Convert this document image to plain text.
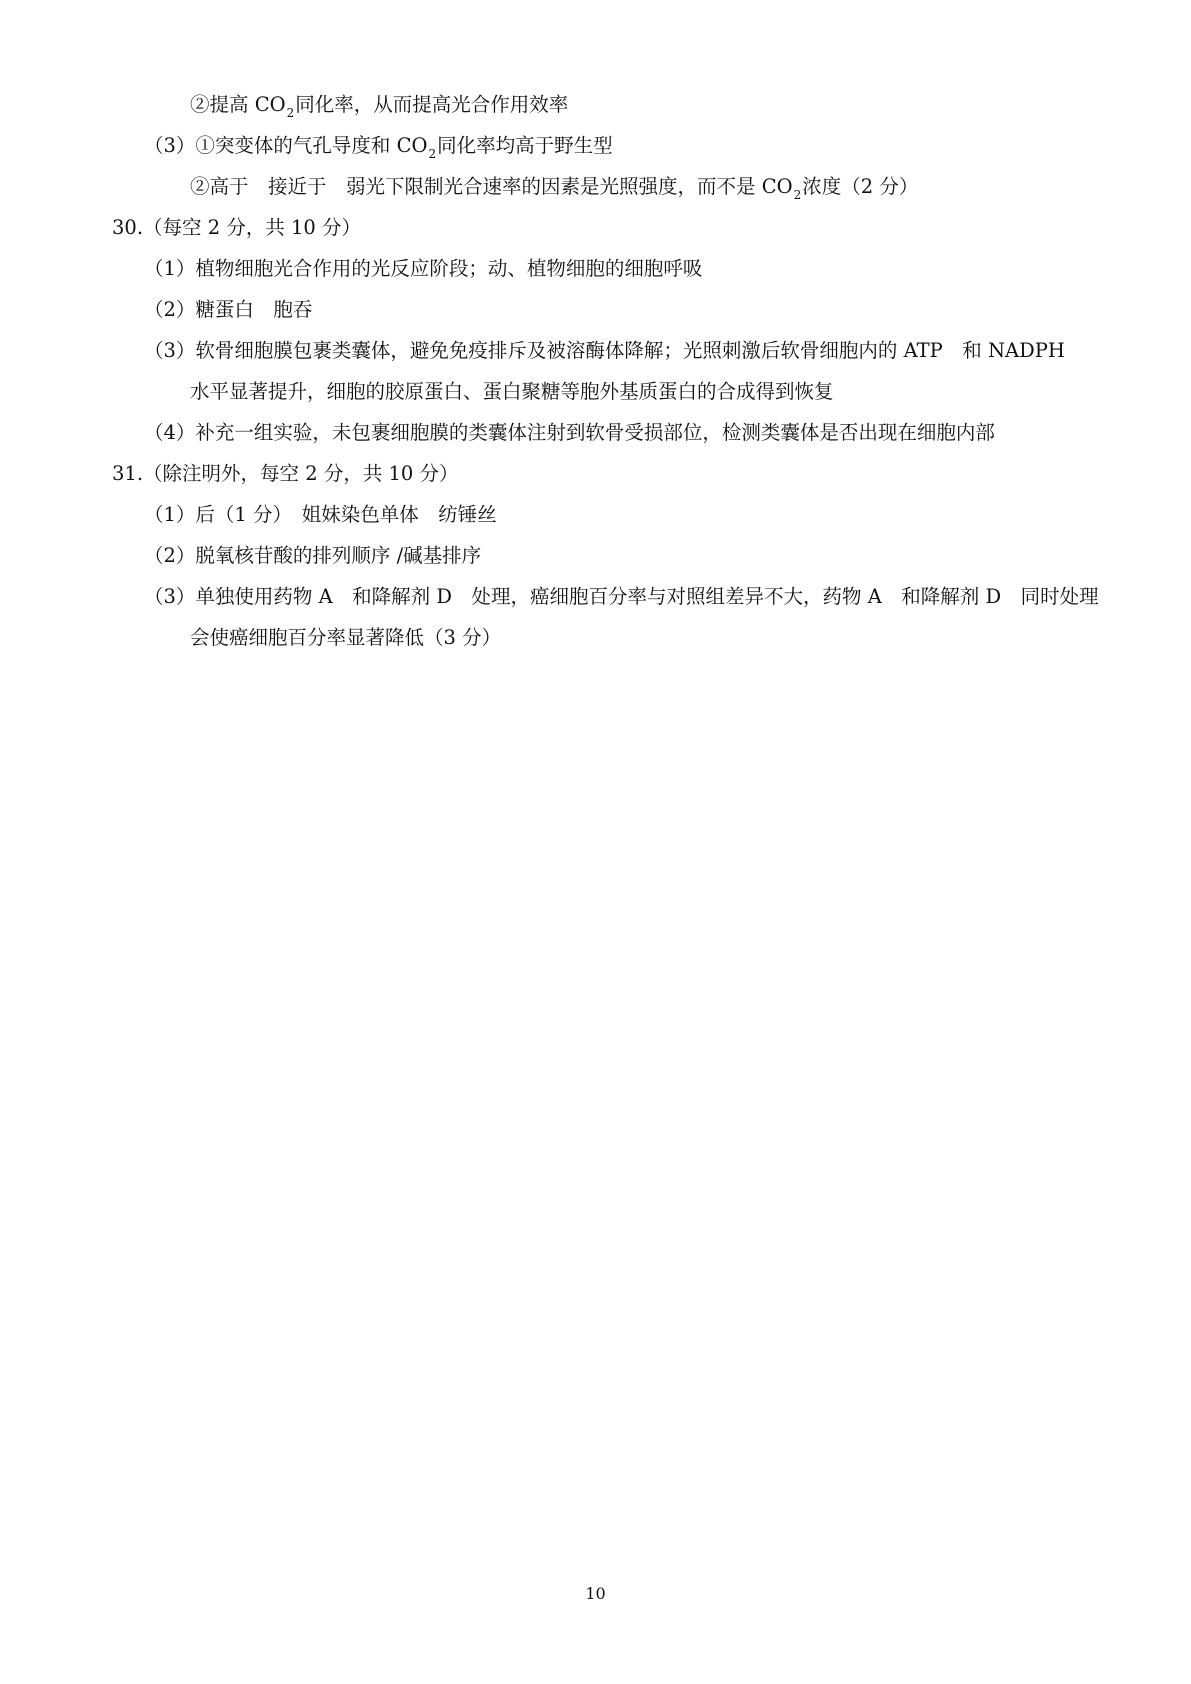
②提高 $CO_2$同化率，从而提高光合作用效率
（3）①突变体的气孔导度和 $CO_2$同化率均高于野生型
②高于　接近于　弱光下限制光合速率的因素是光照强度，而不是 $CO_2$浓度（2 分）
30.（每空 2 分，共 10 分）
（1）植物细胞光合作用的光反应阶段；动、植物细胞的细胞呼吸
（2）糖蛋白　胞吞
（3）软骨细胞膜包裹类囊体，避免免疫排斥及被溶酶体降解；光照刺激后软骨细胞内的 ATP　和 NADPH
水平显著提升，细胞的胶原蛋白、蛋白聚糖等胞外基质蛋白的合成得到恢复
（4）补充一组实验，未包裹细胞膜的类囊体注射到软骨受损部位，检测类囊体是否出现在细胞内部
31.（除注明外，每空 2 分，共 10 分）
（1）后（1 分）　姐妹染色单体　纺锤丝
（2）脱氧核苷酸的排列顺序 /碱基排序
（3）单独使用药物 A　和降解剂 D　处理，癌细胞百分率与对照组差异不大，药物 A　和降解剂 D　同时处理
会使癌细胞百分率显著降低（3 分）
10
